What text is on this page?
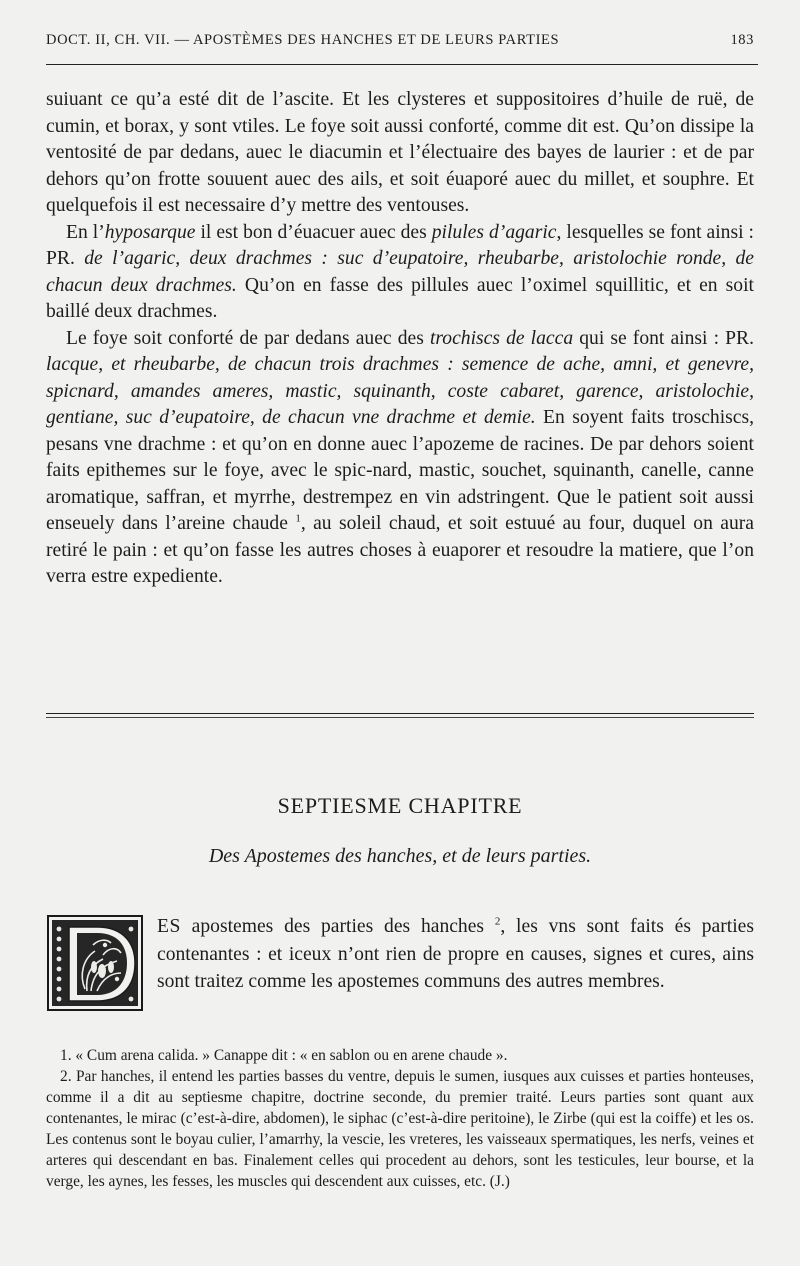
DOCT. II, CH. VII. — APOSTÈMES DES HANCHES ET DE LEURS PARTIES	183

suiuant ce qu’a esté dit de l’ascite. Et les clysteres et suppositoires d’huile de ruë, de cumin, et borax, y sont vtiles. Le foye soit aussi conforté, comme dit est. Qu’on dissipe la ventosité de par dedans, auec le diacumin et l’électuaire des bayes de laurier : et de par dehors qu’on frotte souuent auec des ails, et soit éuaporé auec du millet, et souphre. Et quelquefois il est necessaire d’y mettre des ventouses.

En l’hyposarque il est bon d’éuacuer auec des pilules d’agaric, lesquelles se font ainsi : PR. de l’agaric, deux drachmes : suc d’eupatoire, rheubarbe, aristolochie ronde, de chacun deux drachmes. Qu’on en fasse des pillules auec l’oximel squillitic, et en soit baillé deux drachmes.

Le foye soit conforté de par dedans auec des trochiscs de lacca qui se font ainsi : PR. lacque, et rheubarbe, de chacun trois drachmes : semence de ache, amni, et genevre, spicnard, amandes ameres, mastic, squinanth, coste cabaret, garence, aristolochie, gentiane, suc d’eupatoire, de chacun vne drachme et demie. En soyent faits troschiscs, pesans vne drachme : et qu’on en donne auec l’apozeme de racines. De par dehors soient faits epithemes sur le foye, avec le spic-nard, mastic, souchet, squinanth, canelle, canne aromatique, saffran, et myrrhe, destrempez en vin adstringent. Que le patient soit aussi enseuely dans l’areine chaude $^1$, au soleil chaud, et soit estuué au four, duquel on aura retiré le pain : et qu’on fasse les autres choses à euaporer et resoudre la matiere, que l’on verra estre expediente.

SEPTIESME CHAPITRE
Des Apostemes des hanches, et de leurs parties.

ES apostemes des parties des hanches $^2$, les vns sont faits és parties contenantes : et iceux n’ont rien de propre en causes, signes et cures, ains sont traitez comme les apostemes communs des autres membres.

1. « Cum arena calida. » Canappe dit : « en sablon ou en arene chaude ».

2. Par hanches, il entend les parties basses du ventre, depuis le sumen, iusques aux cuisses et parties honteuses, comme il a dit au septiesme chapitre, doctrine seconde, du premier traité. Leurs parties sont quant aux contenantes, le mirac (c’est-à-dire, abdomen), le siphac (c’est-à-dire peritoine), le Zirbe (qui est la coiffe) et les os. Les contenus sont le boyau culier, l’amarrhy, la vescie, les vreteres, les vaisseaux spermatiques, les nerfs, veines et arteres qui descendant en bas. Finalement celles qui procedent au dehors, sont les testicules, leur bourse, et la verge, les aynes, les fesses, les muscles qui descendent aux cuisses, etc. (J.)
